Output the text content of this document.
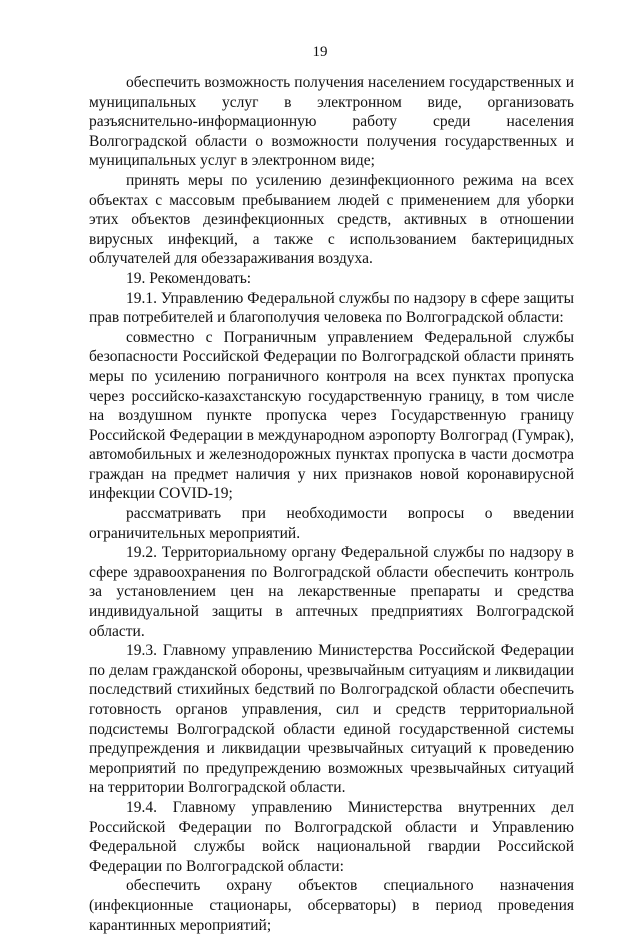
19

обеспечить возможность получения населением государственных и муниципальных услуг в электронном виде, организовать разъяснительно-информационную работу среди населения Волгоградской области о возможности получения государственных и муниципальных услуг в электронном виде;

принять меры по усилению дезинфекционного режима на всех объектах с массовым пребыванием людей с применением для уборки этих объектов дезинфекционных средств, активных в отношении вирусных инфекций, а также с использованием бактерицидных облучателей для обеззараживания воздуха.

19. Рекомендовать:

19.1. Управлению Федеральной службы по надзору в сфере защиты прав потребителей и благополучия человека по Волгоградской области:

совместно с Пограничным управлением Федеральной службы безопасности Российской Федерации по Волгоградской области принять меры по усилению пограничного контроля на всех пунктах пропуска через российско-казахстанскую государственную границу, в том числе на воздушном пункте пропуска через Государственную границу Российской Федерации в международном аэропорту Волгоград (Гумрак), автомобильных и железнодорожных пунктах пропуска в части досмотра граждан на предмет наличия у них признаков новой коронавирусной инфекции COVID-19;

рассматривать при необходимости вопросы о введении ограничительных мероприятий.

19.2. Территориальному органу Федеральной службы по надзору в сфере здравоохранения по Волгоградской области обеспечить контроль за установлением цен на лекарственные препараты и средства индивидуальной защиты в аптечных предприятиях Волгоградской области.

19.3. Главному управлению Министерства Российской Федерации по делам гражданской обороны, чрезвычайным ситуациям и ликвидации последствий стихийных бедствий по Волгоградской области обеспечить готовность органов управления, сил и средств территориальной подсистемы Волгоградской области единой государственной системы предупреждения и ликвидации чрезвычайных ситуаций к проведению мероприятий по предупреждению возможных чрезвычайных ситуаций на территории Волгоградской области.

19.4. Главному управлению Министерства внутренних дел Российской Федерации по Волгоградской области и Управлению Федеральной службы войск национальной гвардии Российской Федерации по Волгоградской области:

обеспечить охрану объектов специального назначения (инфекционные стационары, обсерваторы) в период проведения карантинных мероприятий;
